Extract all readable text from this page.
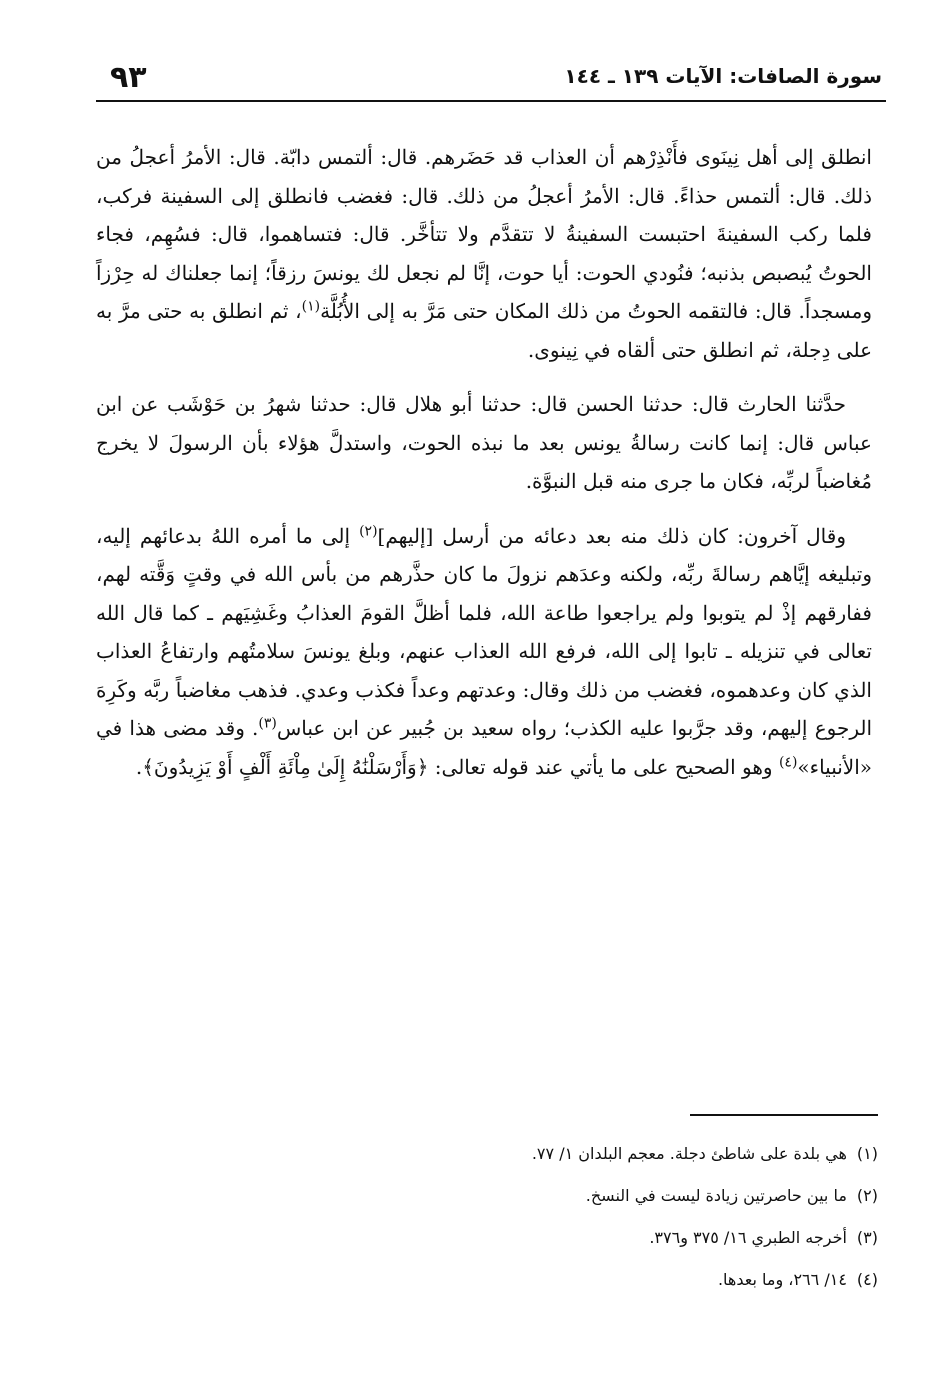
سورة الصافات: الآيات ١٣٩ ـ ١٤٤
٩٣

انطلق إلى أهل نِينَوى فأَنْذِرْهم أن العذاب قد حَضَرهم. قال: ألتمس دابّة. قال: الأمرُ أعجلُ من ذلك. قال: ألتمس حذاءً. قال: الأمرُ أعجلُ من ذلك. قال: فغضب فانطلق إلى السفينة فركب، فلما ركب السفينةَ احتبست السفينةُ لا تتقدَّم ولا تتأخَّر. قال: فتساهموا، قال: فسُهِم، فجاء الحوتُ يُبصبص بذنبه؛ فنُودي الحوت: أيا حوت، إنَّا لم نجعل لك يونسَ رزقاً؛ إنما جعلناك له حِرْزاً ومسجداً. قال: فالتقمه الحوتُ من ذلك المكان حتى مَرَّ به إلى الأُبُلَّة$^{(١)}$، ثم انطلق به حتى مرَّ به على دِجلة، ثم انطلق حتى ألقاه في نِينوى.

حدَّثنا الحارث قال: حدثنا الحسن قال: حدثنا أبو هلال قال: حدثنا شهرُ بن حَوْشَب عن ابن عباس قال: إنما كانت رسالةُ يونس بعد ما نبذه الحوت، واستدلَّ هؤلاء بأن الرسولَ لا يخرج مُغاضباً لربِّه، فكان ما جرى منه قبل النبوَّة.

وقال آخرون: كان ذلك منه بعد دعائه من أرسل [إليهم]$^{(٢)}$ إلى ما أمره اللهُ بدعائهم إليه، وتبليغه إيَّاهم رسالةَ ربِّه، ولكنه وعدَهم نزولَ ما كان حذَّرهم من بأس الله في وقتٍ وَقَّته لهم، ففارقهم إذْ لم يتوبوا ولم يراجعوا طاعة الله، فلما أظلَّ القومَ العذابُ وغَشِيَهم ـ كما قال الله تعالى في تنزيله ـ تابوا إلى الله، فرفع الله العذاب عنهم، وبلغ يونسَ سلامتُهم وارتفاعُ العذاب الذي كان وعدهموه، فغضب من ذلك وقال: وعدتهم وعداً فكذب وعدي. فذهب مغاضباً ربَّه وكَرِهَ الرجوع إليهم، وقد جرَّبوا عليه الكذب؛ رواه سعيد بن جُبير عن ابن عباس$^{(٣)}$. وقد مضى هذا في «الأنبياء»$^{(٤)}$ وهو الصحيح على ما يأتي عند قوله تعالى: ﴿وَأَرْسَلْنَٰهُ إِلَىٰ مِاْئَةِ أَلْفٍ أَوْ يَزِيدُونَ﴾.

(١)هي بلدة على شاطئ دجلة. معجم البلدان ١/ ٧٧.
(٢)ما بين حاصرتين زيادة ليست في النسخ.
(٣)أخرجه الطبري ١٦/ ٣٧٥ و٣٧٦.
(٤)١٤/ ٢٦٦، وما بعدها.
